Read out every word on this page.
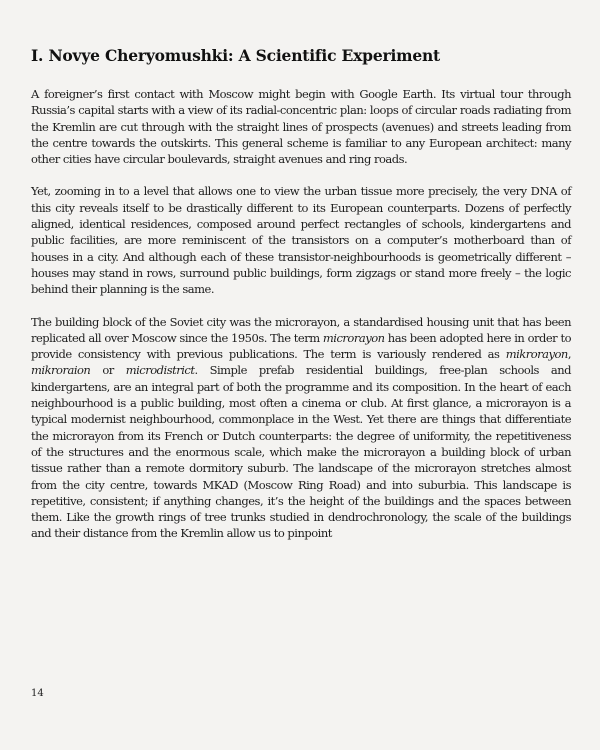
I. Novye Cheryomushki: A Scientific Experiment

A foreigner’s first contact with Moscow might begin with Google Earth. Its virtual tour through Russia’s capital starts with a view of its radial-concentric plan: loops of circular roads radiating from the Kremlin are cut through with the straight lines of prospects (avenues) and streets leading from the centre towards the outskirts. This general scheme is familiar to any European architect: many other cities have circular boulevards, straight avenues and ring roads.

Yet, zooming in to a level that allows one to view the urban tissue more precisely, the very DNA of this city reveals itself to be drastically different to its European counterparts. Dozens of perfectly aligned, identical residences, composed around perfect rectangles of schools, kindergartens and public facilities, are more reminiscent of the transistors on a computer’s motherboard than of houses in a city. And although each of these transistor-neighbourhoods is geometrically different – houses may stand in rows, surround public buildings, form zigzags or stand more freely – the logic behind their planning is the same.

The building block of the Soviet city was the microrayon, a standardised housing unit that has been replicated all over Moscow since the 1950s. The term microrayon has been adopted here in order to provide consistency with previous publications. The term is variously rendered as mikrorayon, mikroraion or microdistrict. Simple prefab residential buildings, free-plan schools and kindergartens, are an integral part of both the programme and its composition. In the heart of each neighbourhood is a public building, most often a cinema or club. At first glance, a microrayon is a typical modernist neighbourhood, commonplace in the West. Yet there are things that differentiate the microrayon from its French or Dutch counterparts: the degree of uniformity, the repetitiveness of the structures and the enormous scale, which make the microrayon a building block of urban tissue rather than a remote dormitory suburb. The landscape of the microrayon stretches almost from the city centre, towards MKAD (Moscow Ring Road) and into suburbia. This landscape is repetitive, consistent; if anything changes, it’s the height of the buildings and the spaces between them. Like the growth rings of tree trunks studied in dendrochronology, the scale of the buildings and their distance from the Kremlin allow us to pinpoint

14
